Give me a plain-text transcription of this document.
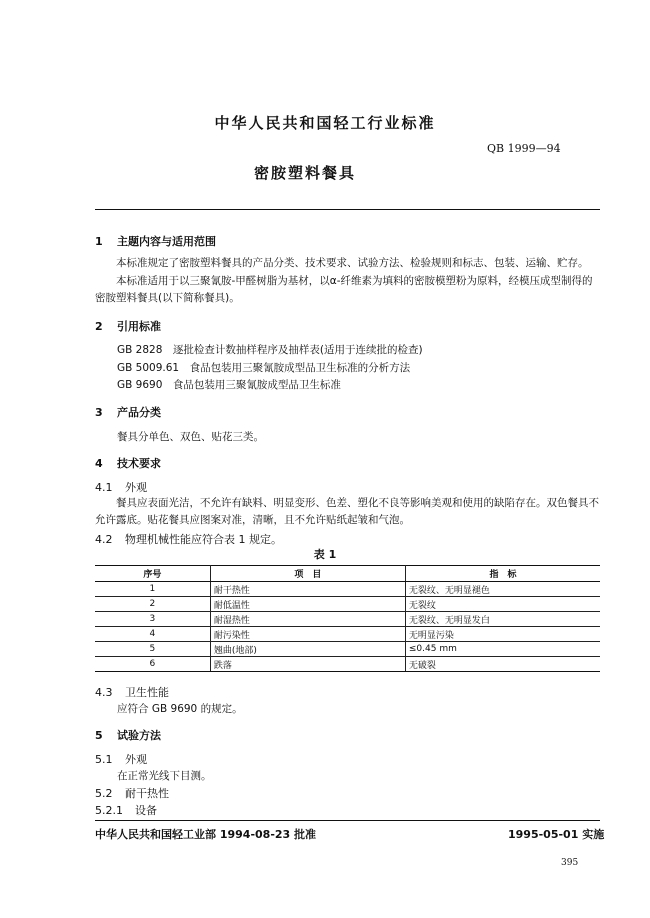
中华人民共和国轻工行业标准
QB 1999—94
密胺塑料餐具
1 主题内容与适用范围
本标准规定了密胺塑料餐具的产品分类、技术要求、试验方法、检验规则和标志、包装、运输、贮存。
本标准适用于以三聚氰胺-甲醛树脂为基材，以α-纤维素为填料的密胺模塑粉为原料，经模压成型制得的密胺塑料餐具(以下简称餐具)。
2 引用标准
GB 2828　逐批检查计数抽样程序及抽样表(适用于连续批的检查)
GB 5009.61　食品包装用三聚氰胺成型品卫生标准的分析方法
GB 9690　食品包装用三聚氰胺成型品卫生标准
3 产品分类
餐具分单色、双色、贴花三类。
4 技术要求
4.1 外观
餐具应表面光洁，不允许有缺料、明显变形、色差、塑化不良等影响美观和使用的缺陷存在。双色餐具不允许露底。贴花餐具应图案对准，清晰，且不允许贴纸起皱和气泡。
4.2 物理机械性能应符合表 1 规定。
表 1
序号	项　目	指　标
1	耐干热性	无裂纹、无明显褪色
2	耐低温性	无裂纹
3	耐湿热性	无裂纹、无明显发白
4	耐污染性	无明显污染
5	翘曲(地部)	≤0.45 mm
6	跌落	无破裂
4.3 卫生性能
应符合 GB 9690 的规定。
5 试验方法
5.1 外观
在正常光线下目测。
5.2 耐干热性
5.2.1 设备
中华人民共和国轻工业部 1994-08-23 批准	1995-05-01 实施
395
